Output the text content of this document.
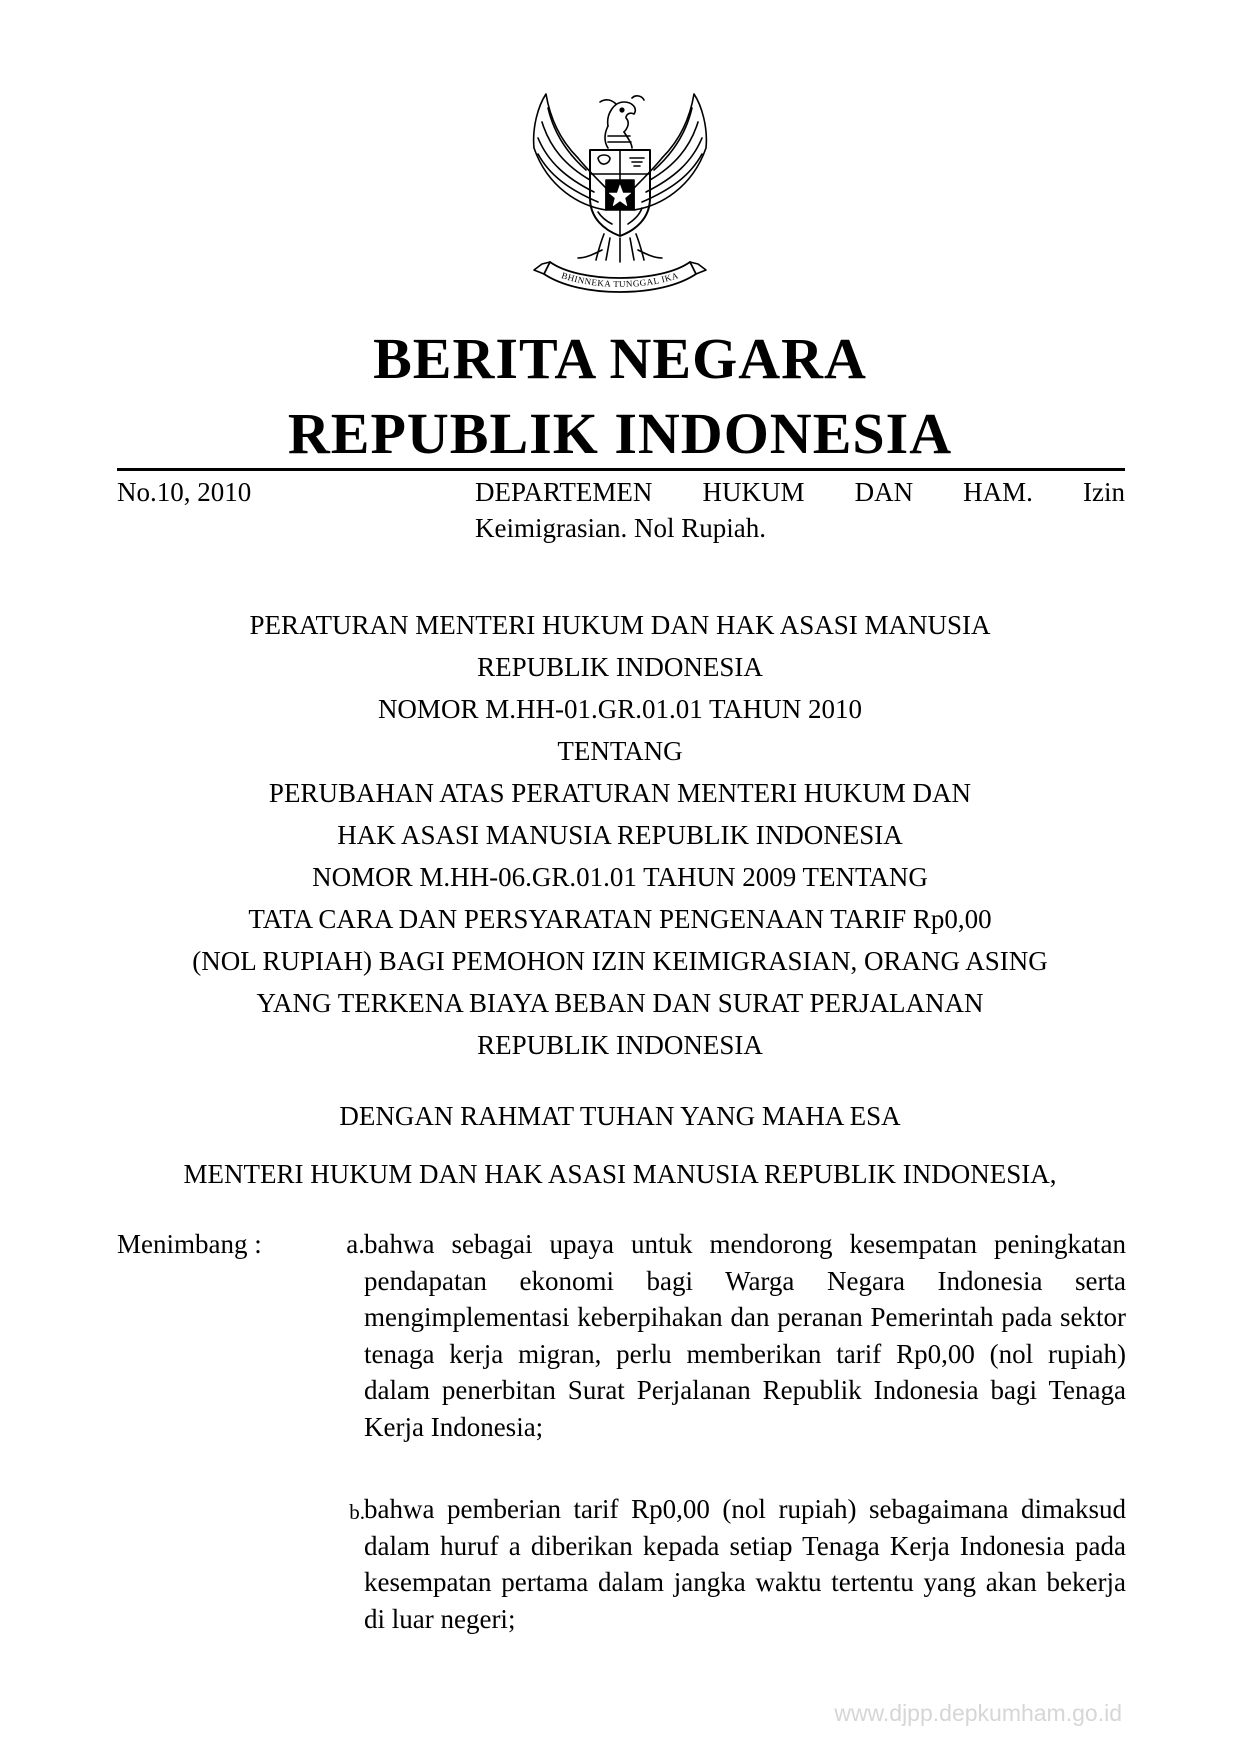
BHINNEKA TUNGGAL IKA
BERITA NEGARA
REPUBLIK INDONESIA
No.10, 2010	DEPARTEMEN HUKUM DAN HAM. Izin
Keimigrasian. Nol Rupiah.
PERATURAN MENTERI HUKUM DAN HAK ASASI MANUSIA
REPUBLIK INDONESIA
NOMOR M.HH-01.GR.01.01 TAHUN 2010
TENTANG
PERUBAHAN ATAS PERATURAN MENTERI HUKUM DAN
HAK ASASI MANUSIA REPUBLIK INDONESIA
NOMOR M.HH-06.GR.01.01 TAHUN 2009 TENTANG
TATA CARA DAN PERSYARATAN PENGENAAN TARIF Rp0,00
(NOL RUPIAH) BAGI PEMOHON IZIN KEIMIGRASIAN, ORANG ASING
YANG TERKENA BIAYA BEBAN DAN SURAT PERJALANAN
REPUBLIK INDONESIA
DENGAN RAHMAT TUHAN YANG MAHA ESA
MENTERI HUKUM DAN HAK ASASI MANUSIA REPUBLIK INDONESIA,
Menimbang :	a. bahwa sebagai upaya untuk mendorong kesempatan peningkatan pendapatan ekonomi bagi Warga Negara Indonesia serta mengimplementasi keberpihakan dan peranan Pemerintah pada sektor tenaga kerja migran, perlu memberikan tarif Rp0,00 (nol rupiah) dalam penerbitan Surat Perjalanan Republik Indonesia bagi Tenaga Kerja Indonesia;
b. bahwa pemberian tarif Rp0,00 (nol rupiah) sebagaimana dimaksud dalam huruf a diberikan kepada setiap Tenaga Kerja Indonesia pada kesempatan pertama dalam jangka waktu tertentu yang akan bekerja di luar negeri;
www.djpp.depkumham.go.id
